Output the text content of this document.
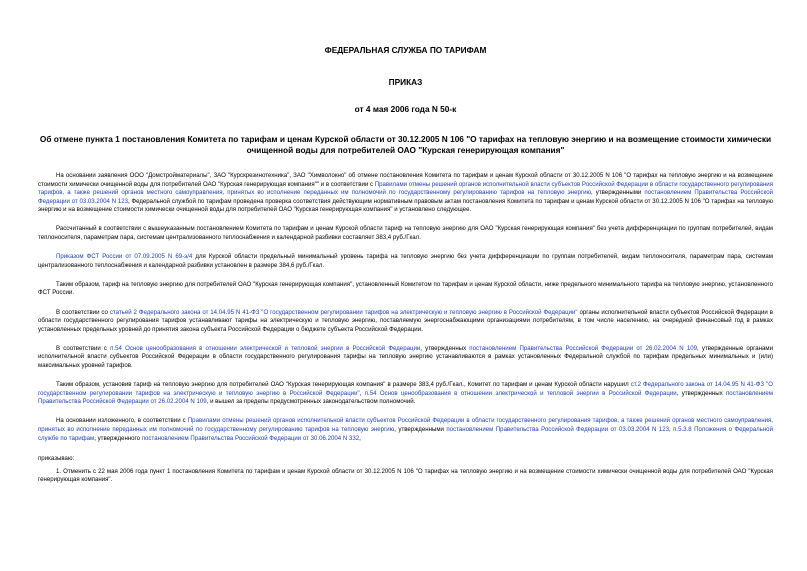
ФЕДЕРАЛЬНАЯ СЛУЖБА ПО ТАРИФАМ
ПРИКАЗ
от 4 мая 2006 года N 50-к
Об отмене пункта 1 постановления Комитета по тарифам и ценам Курской области от 30.12.2005 N 106 "О тарифах на тепловую энергию и на возмещение стоимости химически очищенной воды для потребителей ОАО "Курская генерирующая компания"

На основании заявления ООО "Домстройматериалы", ЗАО "Курскрезинотехника", ЗАО "Химволокно" об отмене постановления Комитета по тарифам и ценам Курской области от 30.12.2005 N 106 "О тарифах на тепловую энергию и на возмещение стоимости химически очищенной воды для потребителей ОАО "Курская генерирующая компания"" и в соответствии с Правилами отмены решений органов исполнительной власти субъектов Российской Федерации в области государственного регулирования тарифов, а также решений органов местного самоуправления, принятых во исполнение переданных им полномочий по государственному регулированию тарифов на тепловую энергию, утвержденными постановлением Правительства Российской Федерации от 03.03.2004 N 123, Федеральной службой по тарифам проведена проверка соответствия действующим нормативным правовым актам постановления Комитета по тарифам и ценам Курской области от 30.12.2005 N 106 "О тарифах на тепловую энергию и на возмещение стоимости химически очищенной воды для потребителей ОАО "Курская генерирующая компания" и установлено следующее.

Рассчитанный в соответствии с вышеуказанным постановлением Комитета по тарифам и ценам Курской области тариф на тепловую энергию для ОАО "Курская генерирующая компания" без учета дифференциации по группам потребителей, видам теплоносителя, параметрам пара, системам централизованного теплоснабжения и календарной разбивки составляет 383,4 руб./Гкал.

Приказом ФСТ России от 07.09.2005 N 69-э/4 для Курской области предельный минимальный уровень тарифа на тепловую энергию без учета дифференциации по группам потребителей, видам теплоносителя, параметрам пара, системам централизованного теплоснабжения и календарной разбивки установлен в размере 384,6 руб./Гкал.

Таким образом, тариф на тепловую энергию для потребителей ОАО "Курская генерирующая компания", установленный Комитетом по тарифам и ценам Курской области, ниже предельного минимального тарифа на тепловую энергию, установленного ФСТ России.

В соответствии со статьей 2 Федерального закона от 14.04.95 N 41-ФЗ "О государственном регулировании тарифов на электрическую и тепловую энергию в Российской Федерации" органы исполнительной власти субъектов Российской Федерации в области государственного регулирования тарифов устанавливают тарифы на электрическую и тепловую энергию, поставляемую энергоснабжающими организациями потребителям, в том числе населению, на очередной финансовый год в рамках установленных предельных уровней до принятия закона субъекта Российской Федерации о бюджете субъекта Российской Федерации.

В соответствии с п.54 Основ ценообразования в отношении электрической и тепловой энергии в Российской Федерации, утвержденных постановлением Правительства Российской Федерации от 26.02.2004 N 109, утвержденные органами исполнительной власти субъектов Российской Федерации в области государственного регулирования тарифы на тепловую энергию устанавливаются в рамках установленных Федеральной службой по тарифам предельных минимальных и (или) максимальных уровней тарифов.

Таким образом, установив тариф на тепловую энергию для потребителей ОАО "Курская генерирующая компания" в размере 383,4 руб./Гкал., Комитет по тарифам и ценам Курской области нарушил ст.2 Федерального закона от 14.04.95 N 41-ФЗ "О государственном регулировании тарифов на электрическую и тепловую энергию в Российской Федерации", п.54 Основ ценообразования в отношении электрической и тепловой энергии в Российской Федерации, утвержденных постановлением Правительства Российской Федерации от 26.02.2004 N 109, и вышел за пределы предусмотренных законодательством полномочий.

На основании изложенного, в соответствии с Правилами отмены решений органов исполнительной власти субъектов Российской Федерации в области государственного регулирования тарифов, а также решений органов местного самоуправления, принятых во исполнение переданных им полномочий по государственному регулированию тарифов на тепловую энергию, утвержденными постановлением Правительства Российской Федерации от 03.03.2004 N 123, п.5.3.8 Положения о Федеральной службе по тарифам, утвержденного постановлением Правительства Российской Федерации от 30.06.2004 N 332,

приказываю:

1. Отменить с 22 мая 2006 года пункт 1 постановления Комитета по тарифам и ценам Курской области от 30.12.2005 N 106 "О тарифах на тепловую энергию и на возмещение стоимости химически очищенной воды для потребителей ОАО "Курская генерирующая компания".
